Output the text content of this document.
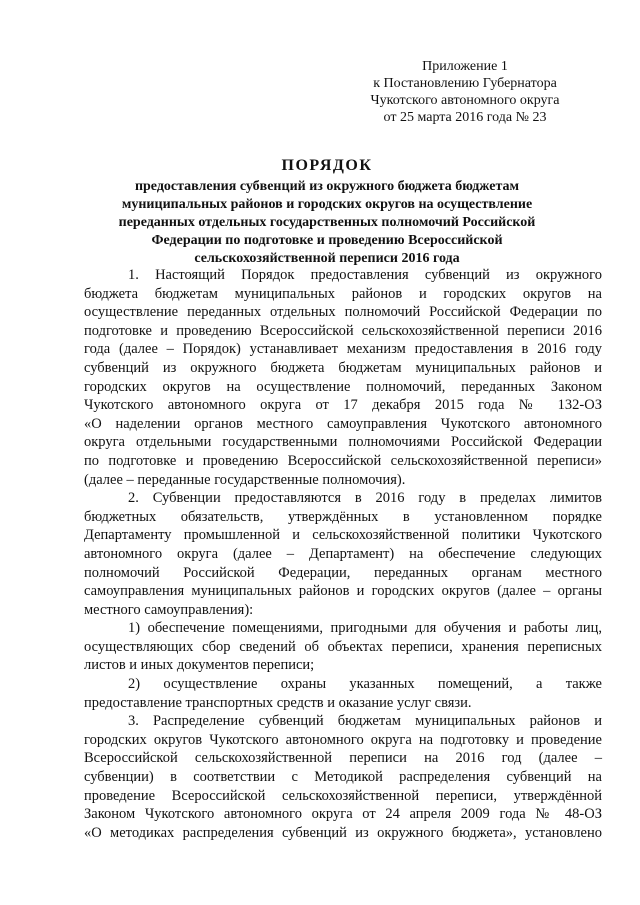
Приложение 1
к Постановлению Губернатора
Чукотского автономного округа
от 25 марта 2016 года № 23
ПОРЯДОК
предоставления субвенций из окружного бюджета бюджетам
муниципальных районов и городских округов на осуществление
переданных отдельных государственных полномочий Российской
Федерации по подготовке и проведению Всероссийской
сельскохозяйственной переписи 2016 года
1. Настоящий Порядок предоставления субвенций из окружного
бюджета бюджетам муниципальных районов и городских округов на
осуществление переданных отдельных полномочий Российской Федерации по
подготовке и проведению Всероссийской сельскохозяйственной переписи 2016
года (далее – Порядок) устанавливает механизм предоставления в 2016 году
субвенций из окружного бюджета бюджетам муниципальных районов и
городских округов на осуществление полномочий, переданных Законом
Чукотского автономного округа от 17 декабря 2015 года № 132-ОЗ
«О наделении органов местного самоуправления Чукотского автономного
округа отдельными государственными полномочиями Российской Федерации
по подготовке и проведению Всероссийской сельскохозяйственной переписи»
(далее – переданные государственные полномочия).
2. Субвенции предоставляются в 2016 году в пределах лимитов
бюджетных обязательств, утверждённых в установленном порядке
Департаменту промышленной и сельскохозяйственной политики Чукотского
автономного округа (далее – Департамент) на обеспечение следующих
полномочий Российской Федерации, переданных органам местного
самоуправления муниципальных районов и городских округов (далее – органы
местного самоуправления):
1) обеспечение помещениями, пригодными для обучения и работы лиц,
осуществляющих сбор сведений об объектах переписи, хранения переписных
листов и иных документов переписи;
2) осуществление охраны указанных помещений, а также
предоставление транспортных средств и оказание услуг связи.
3. Распределение субвенций бюджетам муниципальных районов и
городских округов Чукотского автономного округа на подготовку и проведение
Всероссийской сельскохозяйственной переписи на 2016 год (далее –
субвенции) в соответствии с Методикой распределения субвенций на
проведение Всероссийской сельскохозяйственной переписи, утверждённой
Законом Чукотского автономного округа от 24 апреля 2009 года № 48-ОЗ
«О методиках распределения субвенций из окружного бюджета», установлено
